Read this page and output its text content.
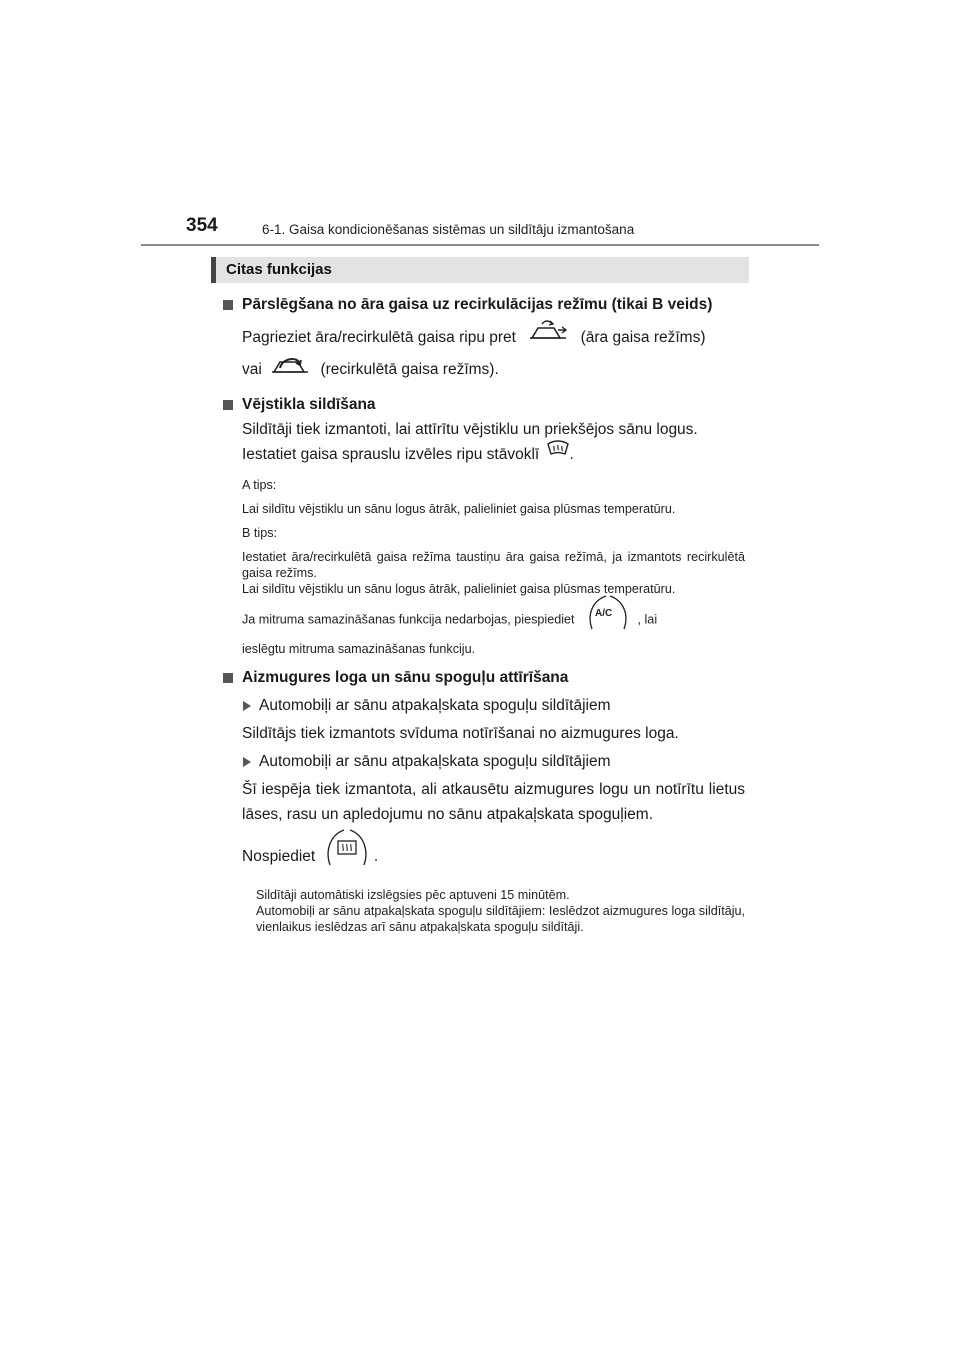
354	6-1. Gaisa kondicionēšanas sistēmas un sildītāju izmantošana
Citas funkcijas

Pārslēgšana no āra gaisa uz recirkulācijas režīmu (tikai B veids)

Pagrieziet āra/recirkulētā gaisa ripu pret	(āra gaisa režīms)
vai	(recirkulētā gaisa režīms).

Vējstikla sildīšana

Sildītāji tiek izmantoti, lai attīrītu vējstiklu un priekšējos sānu logus.

Iestatiet gaisa sprauslu izvēles ripu stāvoklī .

A tips:

Lai sildītu vējstiklu un sānu logus ātrāk, palieliniet gaisa plūsmas temperatūru.

B tips:

Iestatiet āra/recirkulētā gaisa režīma taustiņu āra gaisa režīmā, ja izmantots recirkulētā gaisa režīms.

Lai sildītu vējstiklu un sānu logus ātrāk, palieliniet gaisa plūsmas temperatūru.

Ja mitruma samazināšanas funkcija nedarbojas, piespiediet A/C , lai

ieslēgtu mitruma samazināšanas funkciju.

Aizmugures loga un sānu spoguļu attīrīšana

Automobiļi ar sānu atpakaļskata spoguļu sildītājiem

Sildītājs tiek izmantots svīduma notīrīšanai no aizmugures loga.

Automobiļi ar sānu atpakaļskata spoguļu sildītājiem

Šī iespēja tiek izmantota, ali atkausētu aizmugures logu un notīrītu lietus lāses, rasu un apledojumu no sānu atpakaļskata spoguļiem.

Nospiediet	.

Sildītāji automātiski izslēgsies pēc aptuveni 15 minūtēm.

Automobiļi ar sānu atpakaļskata spoguļu sildītājiem: Ieslēdzot aizmugures loga sildītāju, vienlaikus ieslēdzas arī sānu atpakaļskata spoguļu sildītāji.
